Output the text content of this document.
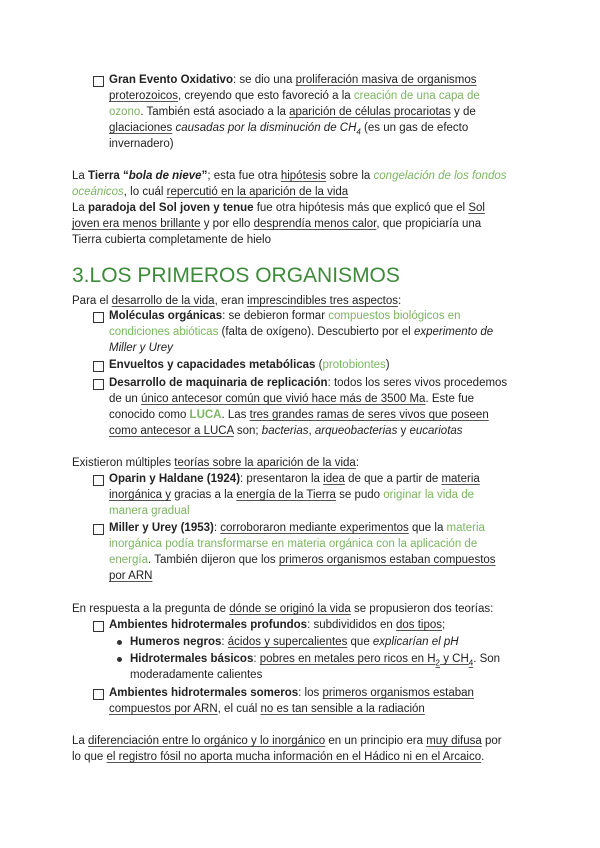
Gran Evento Oxidativo: se dio una proliferación masiva de organismos
proterozoicos, creyendo que esto favoreció a la creación de una capa de
ozono. También está asociado a la aparición de células procariotas y de
glaciaciones causadas por la disminución de $CH_4$ (es un gas de efecto
invernadero)
La Tierra “bola de nieve”; esta fue otra hipótesis sobre la congelación de los fondos
oceánicos, lo cuál repercutió en la aparición de la vida
La paradoja del Sol joven y tenue fue otra hipótesis más que explicó que el Sol
joven era menos brillante y por ello desprendía menos calor, que propiciaría una
Tierra cubierta completamente de hielo
3.LOS PRIMEROS ORGANISMOS
Para el desarrollo de la vida, eran imprescindibles tres aspectos:
Moléculas orgánicas: se debieron formar compuestos biológicos en
condiciones abióticas (falta de oxígeno). Descubierto por el experimento de
Miller y Urey
Envueltos y capacidades metabólicas (protobiontes)
Desarrollo de maquinaria de replicación: todos los seres vivos procedemos
de un único antecesor común que vivió hace más de 3500 Ma. Este fue
conocido como LUCA. Las tres grandes ramas de seres vivos que poseen
como antecesor a LUCA son; bacterias, arqueobacterias y eucariotas
Existieron múltiples teorías sobre la aparición de la vida:
Oparin y Haldane (1924): presentaron la idea de que a partir de materia
inorgánica y gracias a la energía de la Tierra se pudo originar la vida de
manera gradual
Miller y Urey (1953): corroboraron mediante experimentos que la materia
inorgánica podía transformarse en materia orgánica con la aplicación de
energía. También dijeron que los primeros organismos estaban compuestos
por ARN
En respuesta a la pregunta de dónde se originó la vida se propusieron dos teorías:
Ambientes hidrotermales profundos: subdivididos en dos tipos;
Humeros negros: ácidos y supercalientes que explicarían el pH
Hidrotermales básicos: pobres en metales pero ricos en $H_2$ y $CH_4$. Son
moderadamente calientes
Ambientes hidrotermales someros: los primeros organismos estaban
compuestos por ARN, el cuál no es tan sensible a la radiación
La diferenciación entre lo orgánico y lo inorgánico en un principio era muy difusa por
lo que el registro fósil no aporta mucha información en el Hádico ni en el Arcaico.
